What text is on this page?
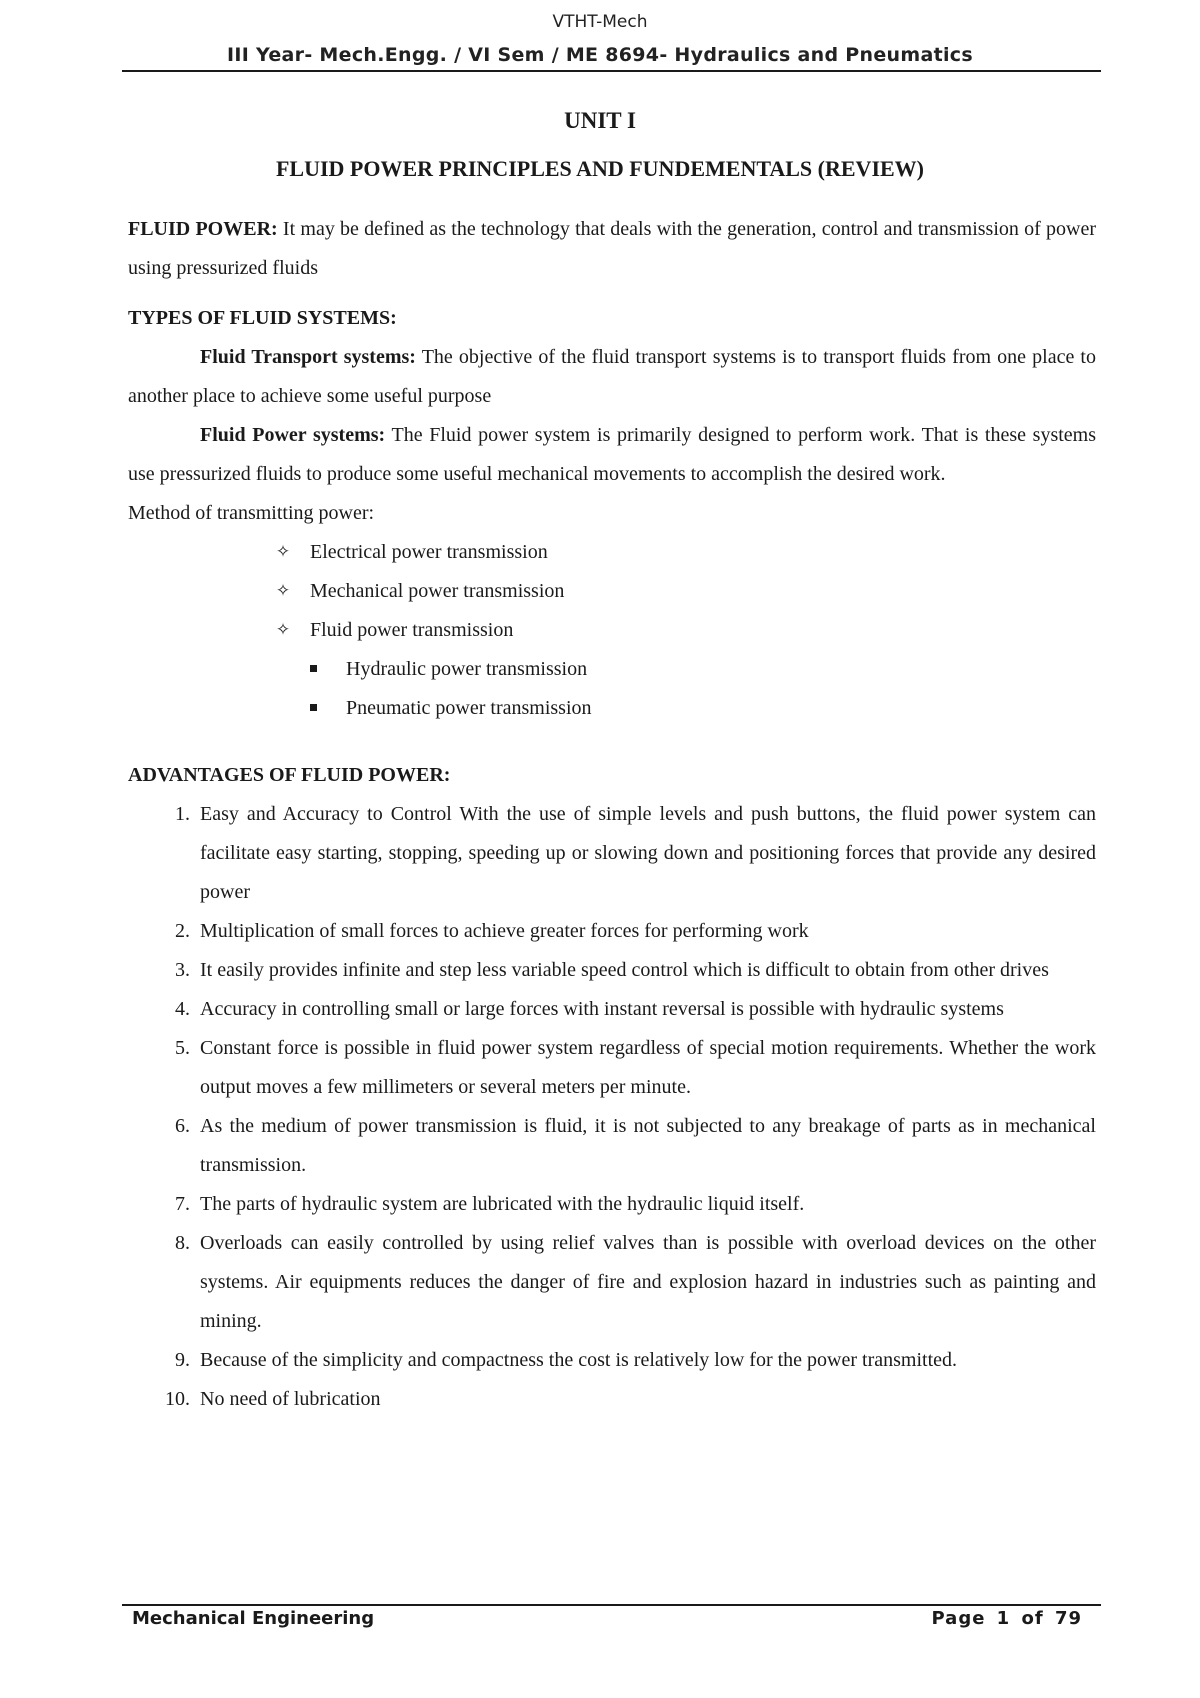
VTHT-Mech
III Year- Mech.Engg. / VI Sem / ME 8694- Hydraulics and Pneumatics
UNIT I
FLUID POWER PRINCIPLES AND FUNDEMENTALS (REVIEW)

FLUID POWER: It may be defined as the technology that deals with the generation, control and transmission of power using pressurized fluids

TYPES OF FLUID SYSTEMS:

Fluid Transport systems: The objective of the fluid transport systems is to transport fluids from one place to another place to achieve some useful purpose

Fluid Power systems: The Fluid power system is primarily designed to perform work. That is these systems use pressurized fluids to produce some useful mechanical movements to accomplish the desired work.

Method of transmitting power:

✧ Electrical power transmission
✧ Mechanical power transmission
✧ Fluid power transmission
Hydraulic power transmission
Pneumatic power transmission

ADVANTAGES OF FLUID POWER:

1. Easy and Accuracy to Control With the use of simple levels and push buttons, the fluid power system can facilitate easy starting, stopping, speeding up or slowing down and positioning forces that provide any desired power
2. Multiplication of small forces to achieve greater forces for performing work
3. It easily provides infinite and step less variable speed control which is difficult to obtain from other drives
4. Accuracy in controlling small or large forces with instant reversal is possible with hydraulic systems
5. Constant force is possible in fluid power system regardless of special motion requirements. Whether the work output moves a few millimeters or several meters per minute.
6. As the medium of power transmission is fluid, it is not subjected to any breakage of parts as in mechanical transmission.
7. The parts of hydraulic system are lubricated with the hydraulic liquid itself.
8. Overloads can easily controlled by using relief valves than is possible with overload devices on the other systems. Air equipments reduces the danger of fire and explosion hazard in industries such as painting and mining.
9. Because of the simplicity and compactness the cost is relatively low for the power transmitted.
10. No need of lubrication
Mechanical Engineering	Page 1 of 79
